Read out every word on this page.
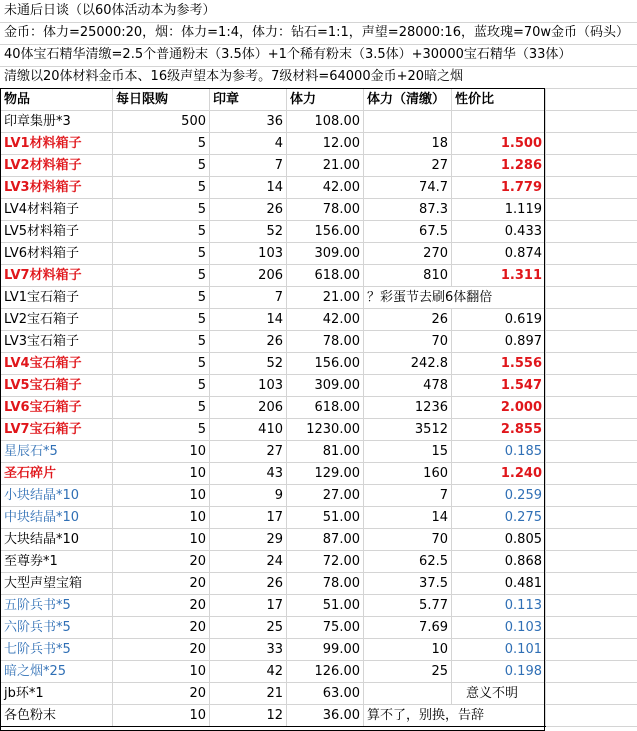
未通后日谈（以60体活动本为参考）
金币：体力=25000:20，烟：体力=1:4，体力：钻石=1:1，声望=28000:16，蓝玫瑰=70w金币（码头）
40体宝石精华清缴=2.5个普通粉末（3.5体）+1个稀有粉末（3.5体）+30000宝石精华（33体）
清缴以20体材料金币本、16级声望本为参考。7级材料=64000金币+20暗之烟
物品	每日限购	印章	体力	体力（清缴）	性价比
印章集册*3	500	36	108.00		
LV1材料箱子	5	4	12.00	18	1.500
LV2材料箱子	5	7	21.00	27	1.286
LV3材料箱子	5	14	42.00	74.7	1.779
LV4材料箱子	5	26	78.00	87.3	1.119
LV5材料箱子	5	52	156.00	67.5	0.433
LV6材料箱子	5	103	309.00	270	0.874
LV7材料箱子	5	206	618.00	810	1.311
LV1宝石箱子	5	7	21.00	？彩蛋节去刷6体翻倍	
LV2宝石箱子	5	14	42.00	26	0.619
LV3宝石箱子	5	26	78.00	70	0.897
LV4宝石箱子	5	52	156.00	242.8	1.556
LV5宝石箱子	5	103	309.00	478	1.547
LV6宝石箱子	5	206	618.00	1236	2.000
LV7宝石箱子	5	410	1230.00	3512	2.855
星辰石*5	10	27	81.00	15	0.185
圣石碎片	10	43	129.00	160	1.240
小块结晶*10	10	9	27.00	7	0.259
中块结晶*10	10	17	51.00	14	0.275
大块结晶*10	10	29	87.00	70	0.805
至尊券*1	20	24	72.00	62.5	0.868
大型声望宝箱	20	26	78.00	37.5	0.481
五阶兵书*5	20	17	51.00	5.77	0.113
六阶兵书*5	20	25	75.00	7.69	0.103
七阶兵书*5	20	33	99.00	10	0.101
暗之烟*25	10	42	126.00	25	0.198
jb环*1	20	21	63.00		意义不明
各色粉末	10	12	36.00	算不了，别换，告辞	
